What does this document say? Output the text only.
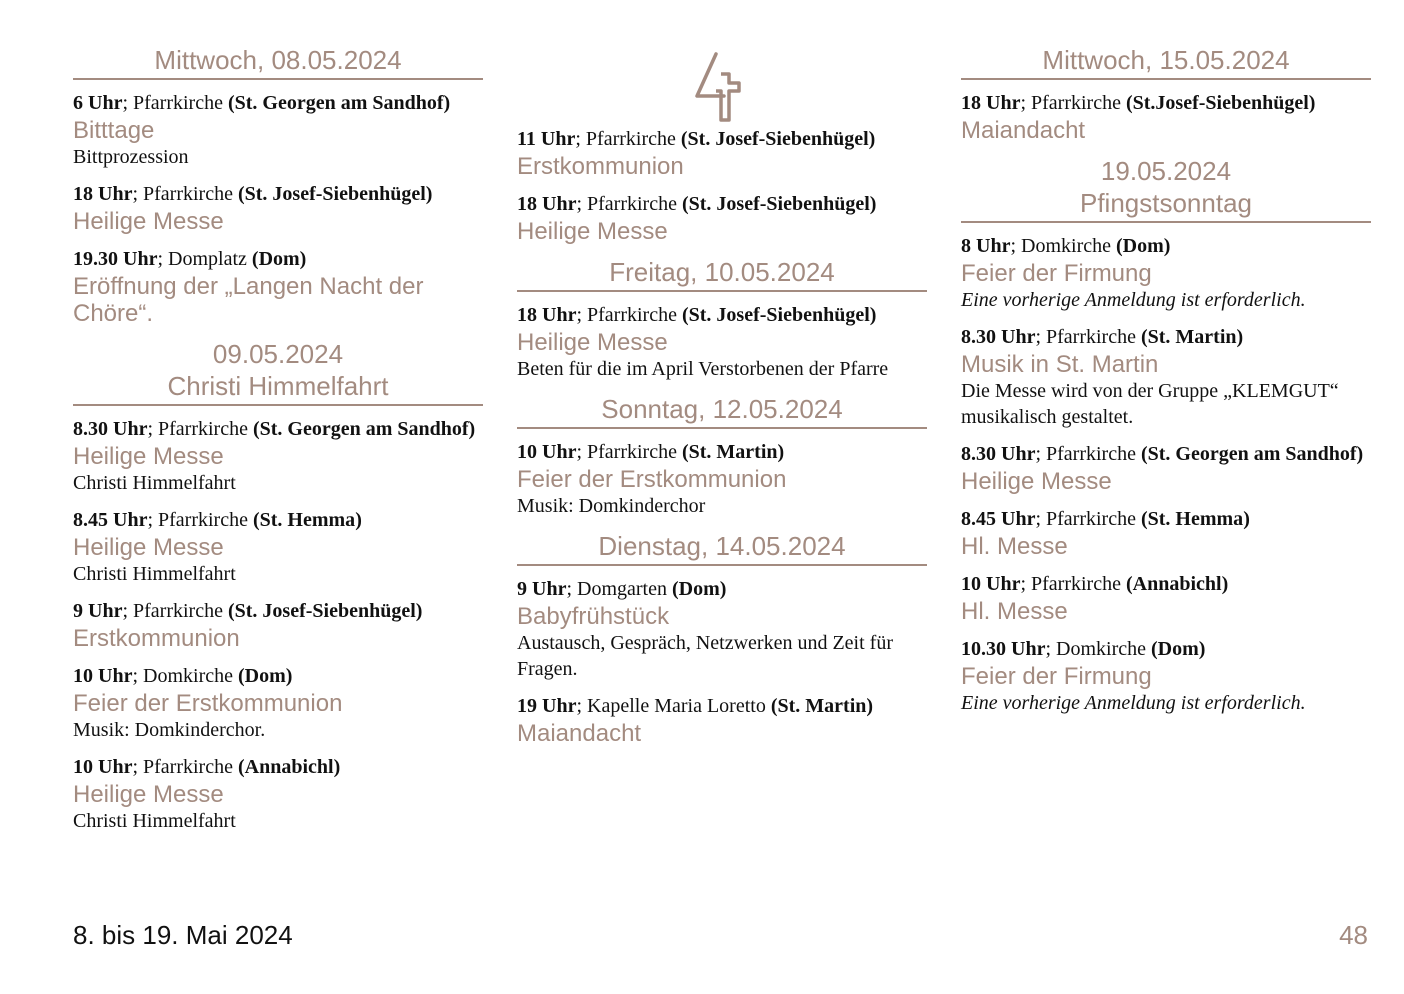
Mittwoch, 08.05.2024
6 Uhr; Pfarrkirche (St. Georgen am Sandhof)
Bitttage
Bittprozession
18 Uhr; Pfarrkirche (St. Josef-Siebenhügel)
Heilige Messe
19.30 Uhr; Domplatz (Dom)
Eröffnung der „Langen Nacht der Chöre“.
09.05.2024
Christi Himmelfahrt
8.30 Uhr; Pfarrkirche (St. Georgen am Sandhof)
Heilige Messe
Christi Himmelfahrt
8.45 Uhr; Pfarrkirche (St. Hemma)
Heilige Messe
Christi Himmelfahrt
9 Uhr; Pfarrkirche (St. Josef-Siebenhügel)
Erstkommunion
10 Uhr; Domkirche (Dom)
Feier der Erstkommunion
Musik: Domkinderchor.
10 Uhr; Pfarrkirche (Annabichl)
Heilige Messe
Christi Himmelfahrt
11 Uhr; Pfarrkirche (St. Josef-Siebenhügel)
Erstkommunion
18 Uhr; Pfarrkirche (St. Josef-Siebenhügel)
Heilige Messe
Freitag, 10.05.2024
18 Uhr; Pfarrkirche (St. Josef-Siebenhügel)
Heilige Messe
Beten für die im April Verstorbenen der Pfarre
Sonntag, 12.05.2024
10 Uhr; Pfarrkirche (St. Martin)
Feier der Erstkommunion
Musik: Domkinderchor
Dienstag, 14.05.2024
9 Uhr; Domgarten (Dom)
Babyfrühstück
Austausch, Gespräch, Netzwerken und Zeit für Fragen.
19 Uhr; Kapelle Maria Loretto (St. Martin)
Maiandacht
Mittwoch, 15.05.2024
18 Uhr; Pfarrkirche (St.Josef-Siebenhügel)
Maiandacht
19.05.2024
Pfingstsonntag
8 Uhr; Domkirche (Dom)
Feier der Firmung
Eine vorherige Anmeldung ist erforderlich.
8.30 Uhr; Pfarrkirche (St. Martin)
Musik in St. Martin
Die Messe wird von der Gruppe „KLEMGUT“ musikalisch gestaltet.
8.30 Uhr; Pfarrkirche (St. Georgen am Sandhof)
Heilige Messe
8.45 Uhr; Pfarrkirche (St. Hemma)
Hl. Messe
10 Uhr; Pfarrkirche (Annabichl)
Hl. Messe
10.30 Uhr; Domkirche (Dom)
Feier der Firmung
Eine vorherige Anmeldung ist erforderlich.
8. bis 19. Mai 2024	48
